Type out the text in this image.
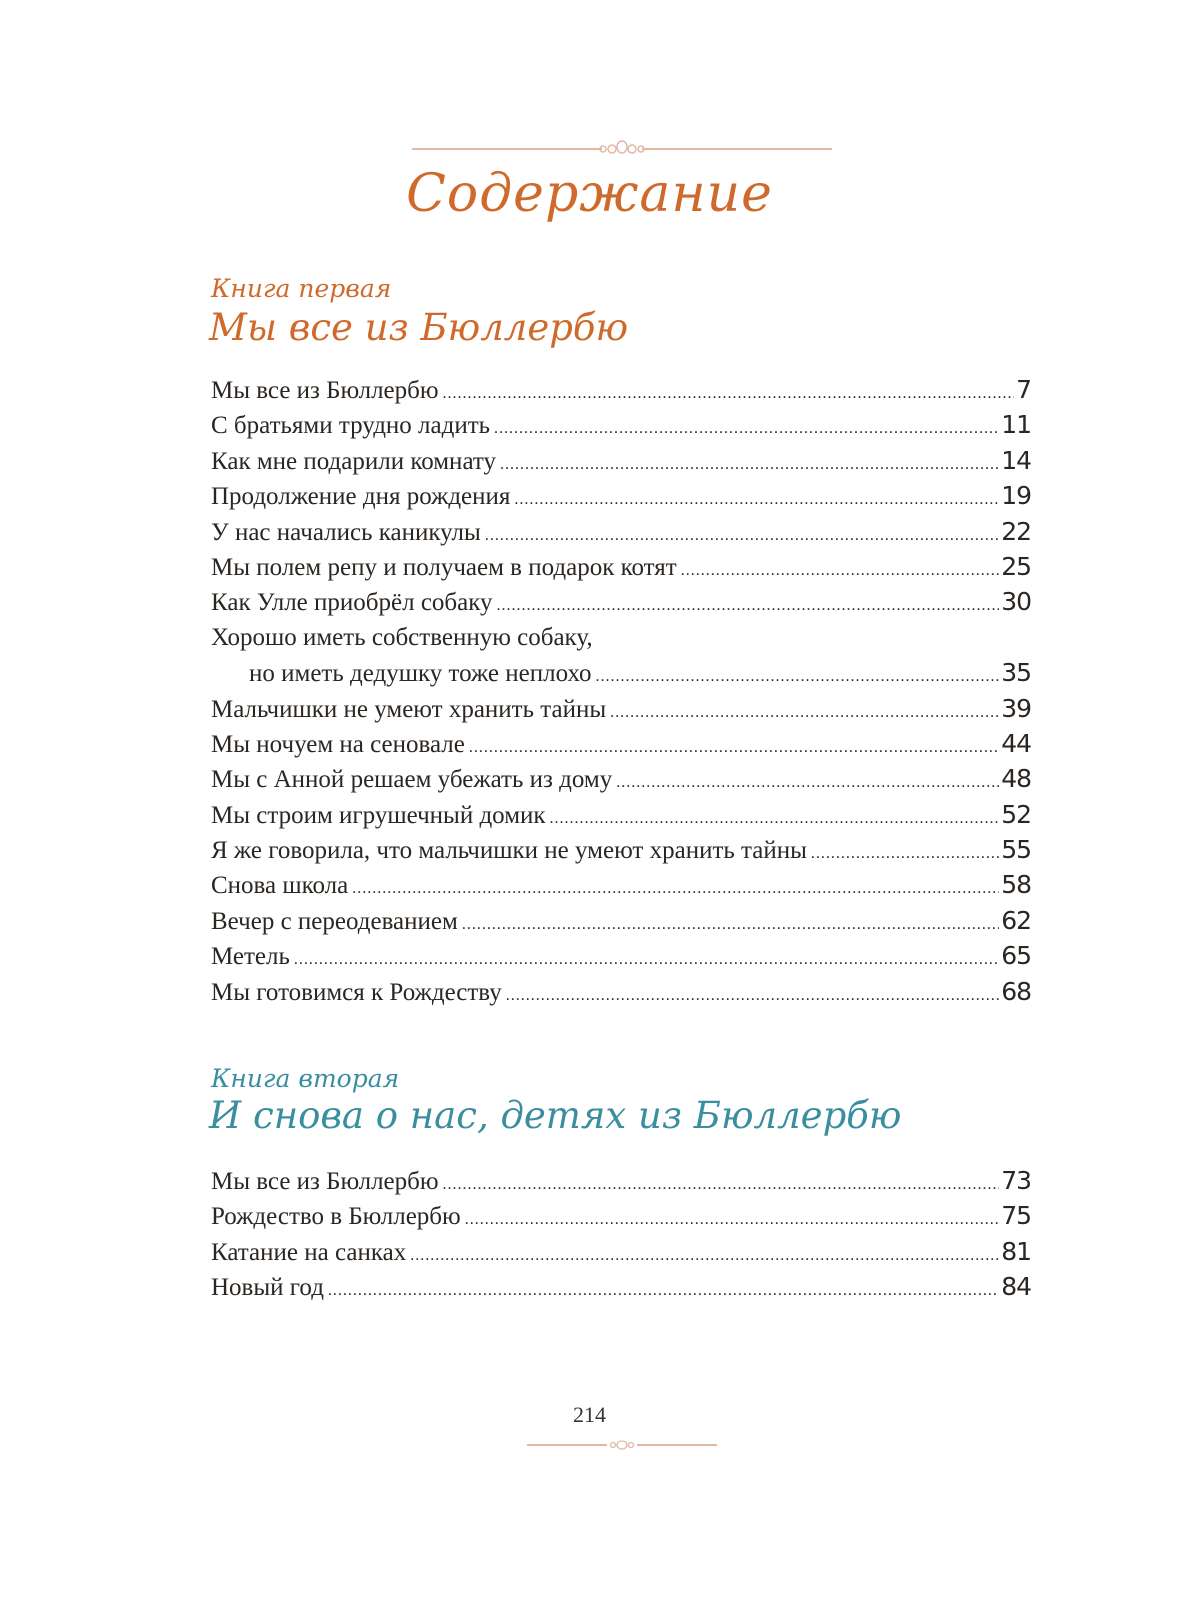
Содержание
Книга первая
Мы все из Бюллербю
Мы все из Бюллербю .....	7
С братьями трудно ладить .....	11
Как мне подарили комнату .....	14
Продолжение дня рождения .....	19
У нас начались каникулы .....	22
Мы полем репу и получаем в подарок котят .....	25
Как Улле приобрёл собаку .....	30
Хорошо иметь собственную собаку,
но иметь дедушку тоже неплохо .....	35
Мальчишки не умеют хранить тайны .....	39
Мы ночуем на сеновале .....	44
Мы с Анной решаем убежать из дому .....	48
Мы строим игрушечный домик .....	52
Я же говорила, что мальчишки не умеют хранить тайны .....	55
Снова школа .....	58
Вечер с переодеванием .....	62
Метель .....	65
Мы готовимся к Рождеству .....	68
Книга вторая
И снова о нас, детях из Бюллербю
Мы все из Бюллербю .....	73
Рождество в Бюллербю .....	75
Катание на санках .....	81
Новый год .....	84
214
